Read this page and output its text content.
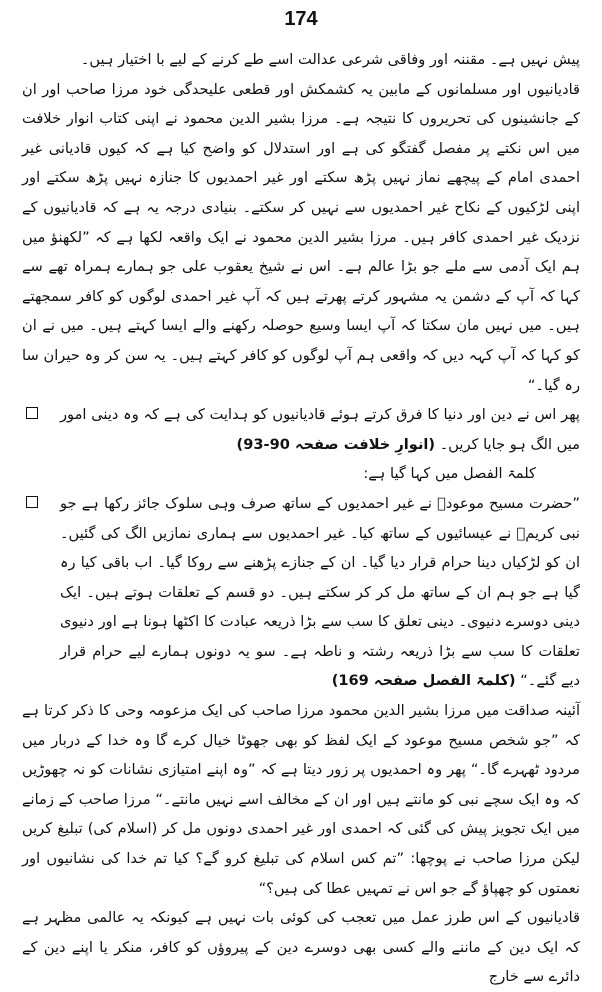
174

پیش نہیں ہے۔ مقننہ اور وفاقی شرعی عدالت اسے طے کرنے کے لیے با اختیار ہیں۔

قادیانیوں اور مسلمانوں کے مابین یہ کشمکش اور قطعی علیحدگی خود مرزا صاحب اور ان کے جانشینوں کی تحریروں کا نتیجہ ہے۔ مرزا بشیر الدین محمود نے اپنی کتاب انوار خلافت میں اس نکتے پر مفصل گفتگو کی ہے اور استدلال کو واضح کیا ہے کہ کیوں قادیانی غیر احمدی امام کے پیچھے نماز نہیں پڑھ سکتے اور غیر احمدیوں کا جنازہ نہیں پڑھ سکتے اور اپنی لڑکیوں کے نکاح غیر احمدیوں سے نہیں کر سکتے۔ بنیادی درجہ یہ ہے کہ قادیانیوں کے نزدیک غیر احمدی کافر ہیں۔ مرزا بشیر الدین محمود نے ایک واقعہ لکھا ہے کہ ”لکھنؤ میں ہم ایک آدمی سے ملے جو بڑا عالم ہے۔ اس نے شیخ یعقوب علی جو ہمارے ہمراہ تھے سے کہا کہ آپ کے دشمن یہ مشہور کرتے پھرتے ہیں کہ آپ غیر احمدی لوگوں کو کافر سمجھتے ہیں۔ میں نہیں مان سکتا کہ آپ ایسا وسیع حوصلہ رکھنے والے ایسا کہتے ہیں۔ میں نے ان کو کہا کہ آپ کہہ دیں کہ واقعی ہم آپ لوگوں کو کافر کہتے ہیں۔ یہ سن کر وہ حیران سا رہ گیا۔“

پھر اس نے دین اور دنیا کا فرق کرتے ہوئے قادیانیوں کو ہدایت کی ہے کہ وہ دینی امور میں الگ ہو جایا کریں۔ (انوارِ خلافت صفحہ 90-93)

کلمۃ الفصل میں کہا گیا ہے:

”حضرت مسیح موعودؑ نے غیر احمدیوں کے ساتھ صرف وہی سلوک جائز رکھا ہے جو نبی کریمؐ نے عیسائیوں کے ساتھ کیا۔ غیر احمدیوں سے ہماری نمازیں الگ کی گئیں۔ ان کو لڑکیاں دینا حرام قرار دیا گیا۔ ان کے جنازے پڑھنے سے روکا گیا۔ اب باقی کیا رہ گیا ہے جو ہم ان کے ساتھ مل کر کر سکتے ہیں۔ دو قسم کے تعلقات ہوتے ہیں۔ ایک دینی دوسرے دنیوی۔ دینی تعلق کا سب سے بڑا ذریعہ عبادت کا اکٹھا ہونا ہے اور دنیوی تعلقات کا سب سے بڑا ذریعہ رشتہ و ناطہ ہے۔ سو یہ دونوں ہمارے لیے حرام قرار دیے گئے۔“ (کلمۃ الفصل صفحہ 169)

آئینہ صداقت میں مرزا بشیر الدین محمود مرزا صاحب کی ایک مزعومہ وحی کا ذکر کرتا ہے کہ ”جو شخص مسیح موعود کے ایک لفظ کو بھی جھوٹا خیال کرے گا وہ خدا کے دربار میں مردود ٹھہرے گا۔“ پھر وہ احمدیوں پر زور دیتا ہے کہ ”وہ اپنے امتیازی نشانات کو نہ چھوڑیں کہ وہ ایک سچے نبی کو مانتے ہیں اور ان کے مخالف اسے نہیں مانتے۔“ مرزا صاحب کے زمانے میں ایک تجویز پیش کی گئی کہ احمدی اور غیر احمدی دونوں مل کر (اسلام کی) تبلیغ کریں لیکن مرزا صاحب نے پوچھا: ”تم کس اسلام کی تبلیغ کرو گے؟ کیا تم خدا کی نشانیوں اور نعمتوں کو چھپاؤ گے جو اس نے تمہیں عطا کی ہیں؟“

قادیانیوں کے اس طرز عمل میں تعجب کی کوئی بات نہیں ہے کیونکہ یہ عالمی مظہر ہے کہ ایک دین کے ماننے والے کسی بھی دوسرے دین کے پیروؤں کو کافر، منکر یا اپنے دین کے دائرے سے خارج
